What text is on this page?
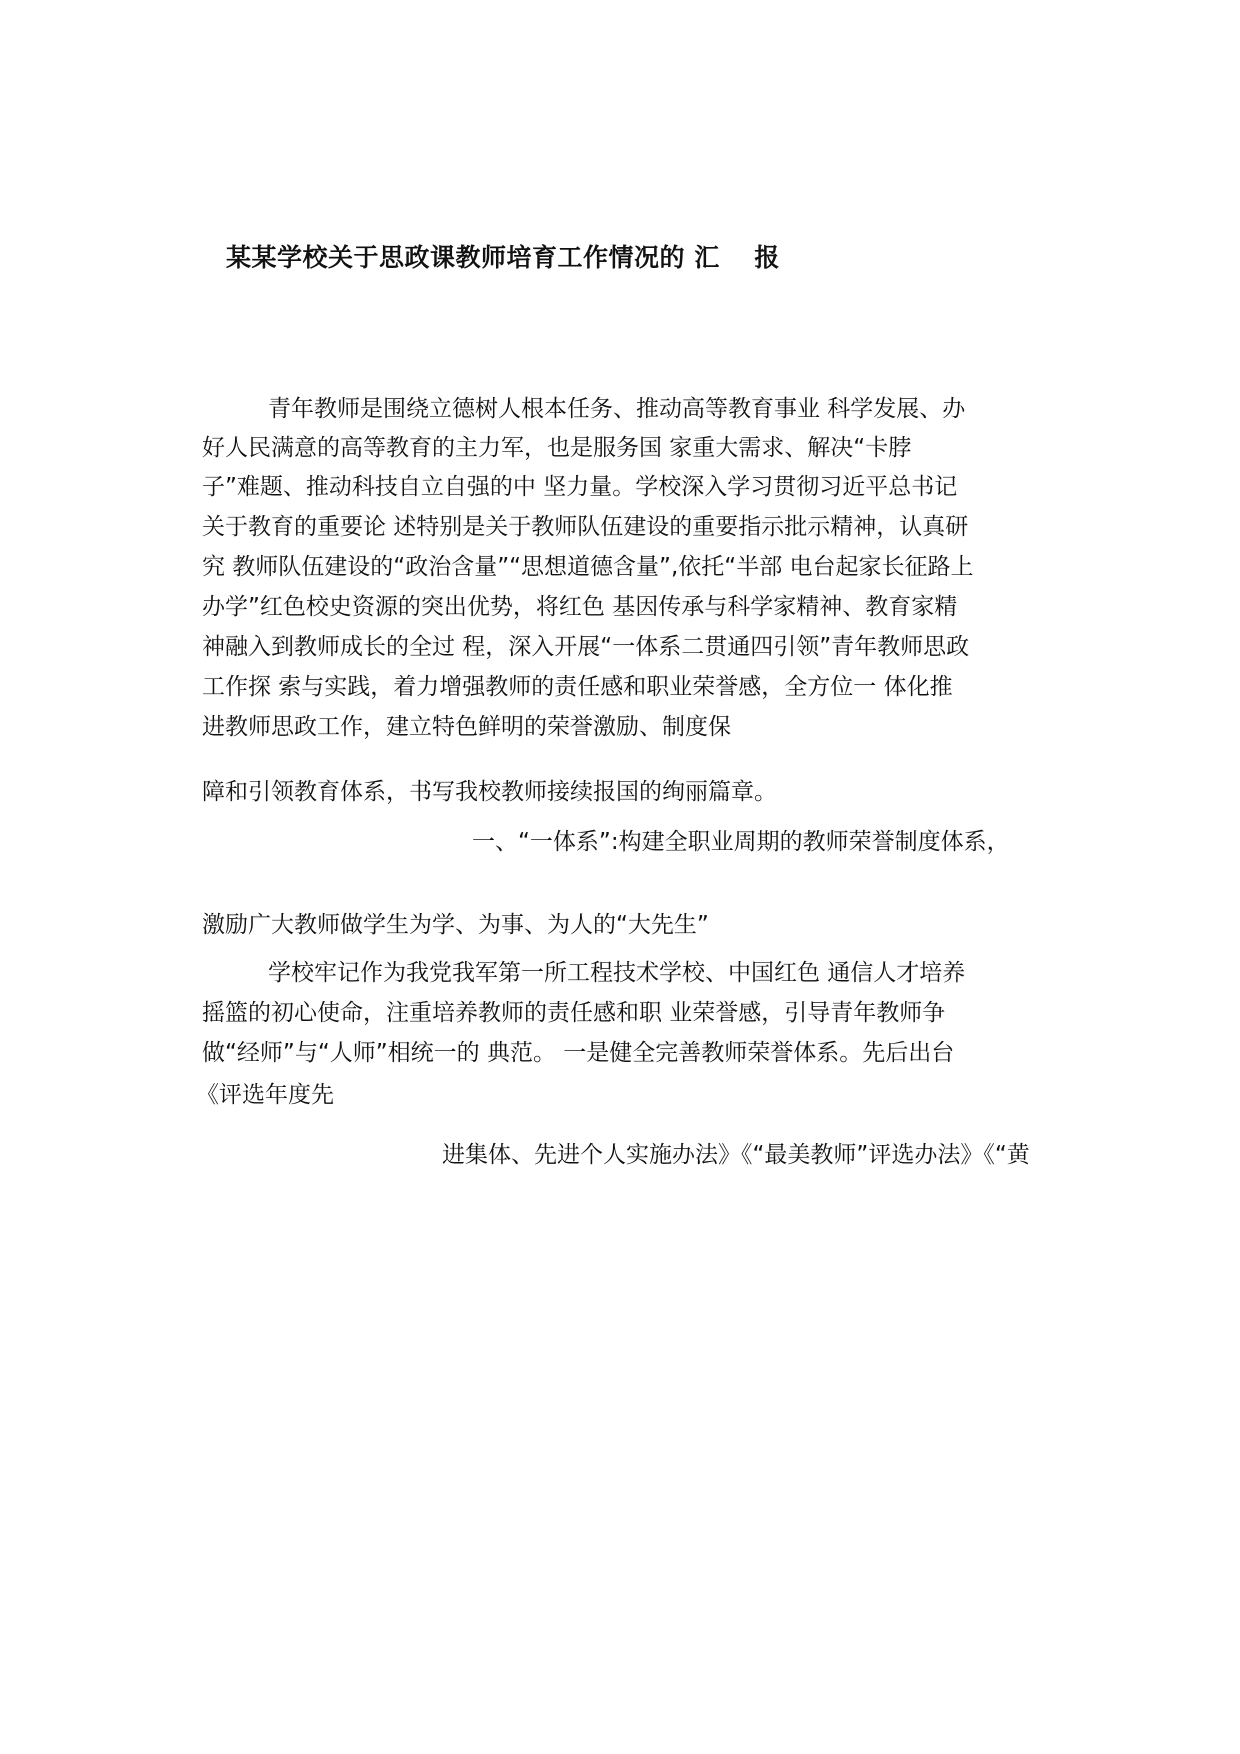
某某学校关于思政课教师培育工作情况的 汇　 报
青年教师是围绕立德树人根本任务、推动高等教育事业 科学发展、办
好人民满意的高等教育的主力军，也是服务国 家重大需求、解决“卡脖
子”难题、推动科技自立自强的中 坚力量。学校深入学习贯彻习近平总书记
关于教育的重要论 述特别是关于教师队伍建设的重要指示批示精神，认真研
究 教师队伍建设的“政治含量”“思想道德含量”,依托“半部 电台起家长征路上
办学”红色校史资源的突出优势，将红色 基因传承与科学家精神、教育家精
神融入到教师成长的全过 程，深入开展“一体系二贯通四引领”青年教师思政
工作探 索与实践，着力增强教师的责任感和职业荣誉感，全方位一 体化推
进教师思政工作，建立特色鲜明的荣誉激励、制度保
障和引领教育体系，书写我校教师接续报国的绚丽篇章。
一、“一体系”:构建全职业周期的教师荣誉制度体系，
激励广大教师做学生为学、为事、为人的“大先生”
学校牢记作为我党我军第一所工程技术学校、中国红色 通信人才培养
摇篮的初心使命，注重培养教师的责任感和职 业荣誉感，引导青年教师争
做“经师”与“人师”相统一的 典范。 一是健全完善教师荣誉体系。先后出台
《评选年度先
进集体、先进个人实施办法》《“最美教师”评选办法》《“黄
